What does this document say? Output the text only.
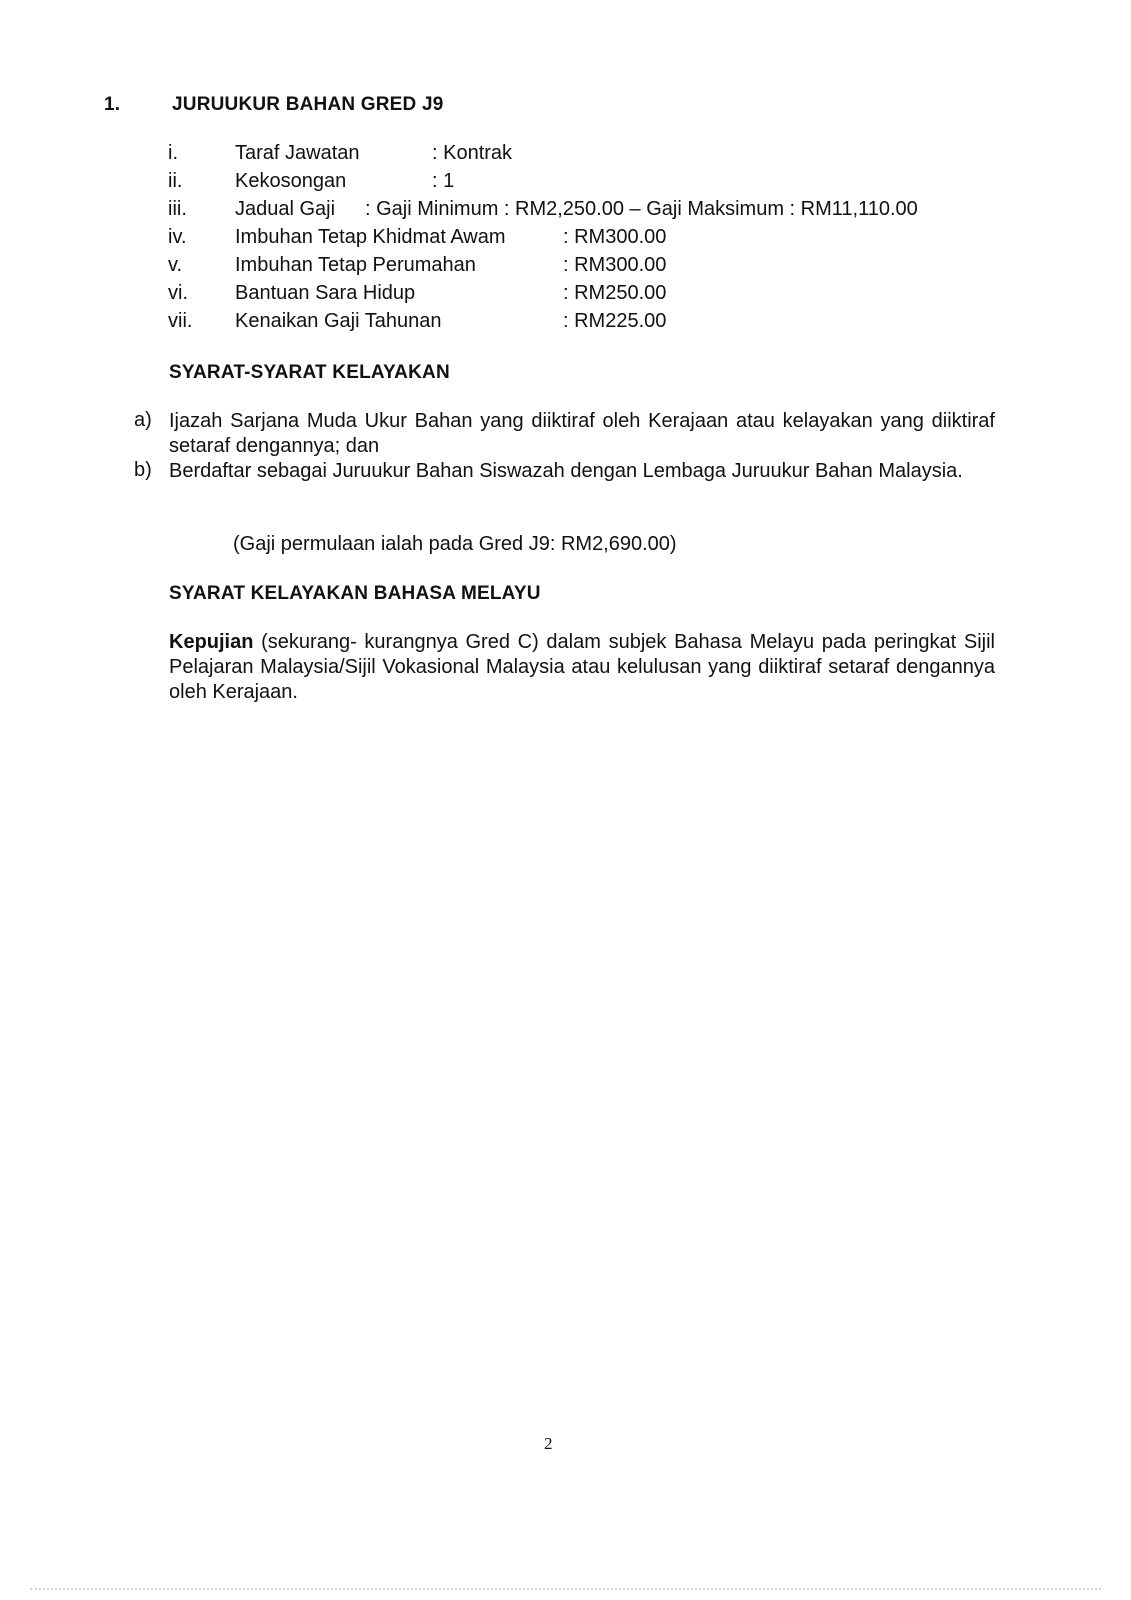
1.	JURUUKUR BAHAN GRED J9
i.	Taraf Jawatan	: Kontrak
ii.	Kekosongan	: 1
iii. Jadual Gaji : Gaji Minimum : RM2,250.00 – Gaji Maksimum : RM11,110.00
iv. Imbuhan Tetap Khidmat Awam	: RM300.00
v.	Imbuhan Tetap Perumahan	: RM300.00
vi. Bantuan Sara Hidup	: RM250.00
vii. Kenaikan Gaji Tahunan	: RM225.00
SYARAT-SYARAT KELAYAKAN
a) Ijazah Sarjana Muda Ukur Bahan yang diiktiraf oleh Kerajaan atau kelayakan yang diiktiraf setaraf dengannya; dan
b) Berdaftar sebagai Juruukur Bahan Siswazah dengan Lembaga Juruukur Bahan Malaysia.
(Gaji permulaan ialah pada Gred J9: RM2,690.00)
SYARAT KELAYAKAN BAHASA MELAYU
Kepujian (sekurang- kurangnya Gred C) dalam subjek Bahasa Melayu pada peringkat Sijil Pelajaran Malaysia/Sijil Vokasional Malaysia atau kelulusan yang diiktiraf setaraf dengannya oleh Kerajaan.
2
